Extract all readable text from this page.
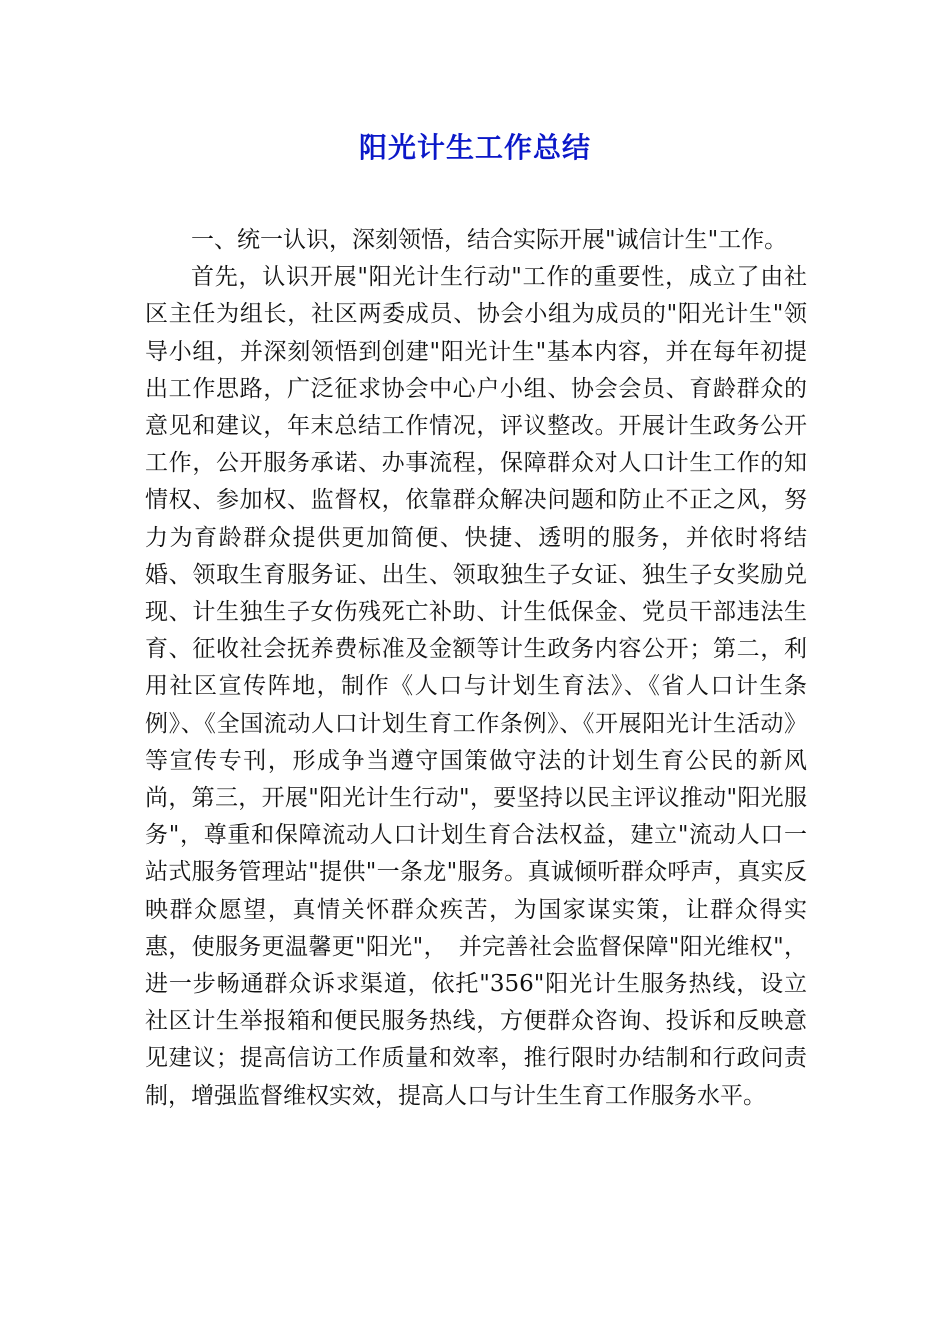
阳光计生工作总结

一、统一认识，深刻领悟，结合实际开展"诚信计生"工作。

首先，认识开展"阳光计生行动"工作的重要性，成立了由社区主任为组长，社区两委成员、协会小组为成员的"阳光计生"领导小组，并深刻领悟到创建"阳光计生"基本内容，并在每年初提出工作思路，广泛征求协会中心户小组、协会会员、育龄群众的意见和建议，年末总结工作情况，评议整改。开展计生政务公开工作，公开服务承诺、办事流程，保障群众对人口计生工作的知情权、参加权、监督权，依靠群众解决问题和防止不正之风，努力为育龄群众提供更加简便、快捷、透明的服务，并依时将结婚、领取生育服务证、出生、领取独生子女证、独生子女奖励兑现、计生独生子女伤残死亡补助、计生低保金、党员干部违法生育、征收社会抚养费标准及金额等计生政务内容公开；第二，利用社区宣传阵地，制作《人口与计划生育法》、《省人口计生条例》、《全国流动人口计划生育工作条例》、《开展阳光计生活动》等宣传专刊，形成争当遵守国策做守法的计划生育公民的新风尚，第三，开展"阳光计生行动"，要坚持以民主评议推动"阳光服务"，尊重和保障流动人口计划生育合法权益，建立"流动人口一站式服务管理站"提供"一条龙"服务。真诚倾听群众呼声，真实反映群众愿望，真情关怀群众疾苦，为国家谋实策，让群众得实惠，使服务更温馨更"阳光"，　并完善社会监督保障"阳光维权"，进一步畅通群众诉求渠道，依托"356"阳光计生服务热线，设立社区计生举报箱和便民服务热线，方便群众咨询、投诉和反映意见建议；提高信访工作质量和效率，推行限时办结制和行政问责制，增强监督维权实效，提高人口与计生生育工作服务水平。
